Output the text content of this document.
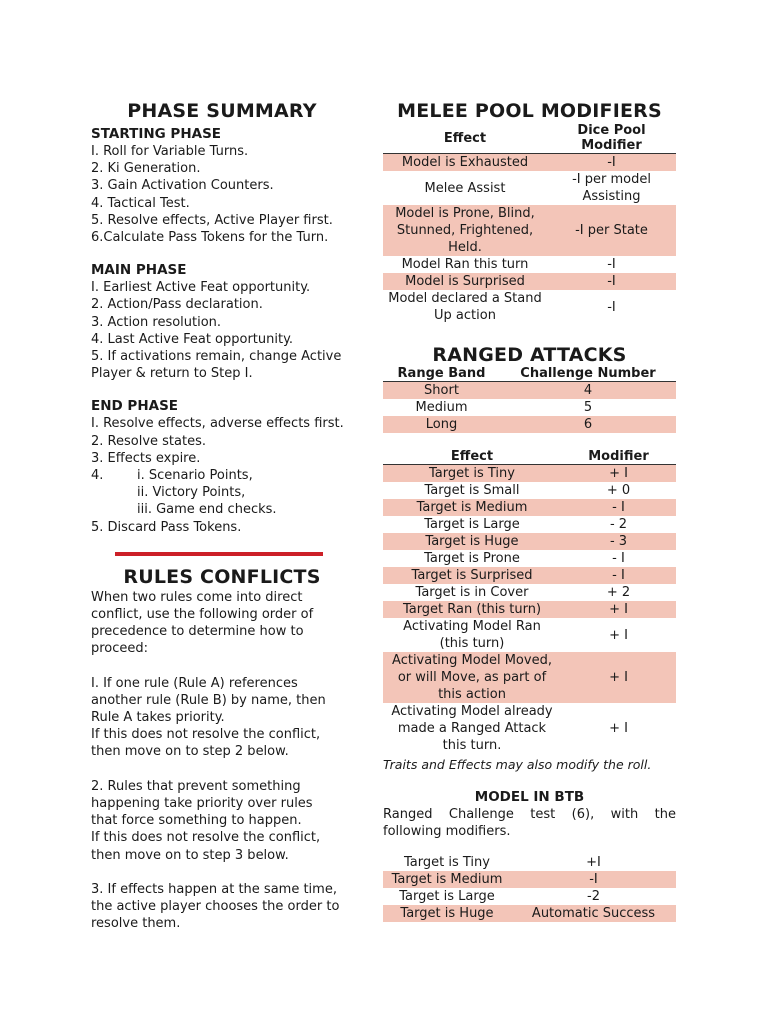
PHASE SUMMARY
STARTING PHASE
I. Roll for Variable Turns.
2. Ki Generation.
3. Gain Activation Counters.
4. Tactical Test.
5. Resolve effects, Active Player first.
6.Calculate Pass Tokens for the Turn.
MAIN PHASE
I. Earliest Active Feat opportunity.
2. Action/Pass declaration.
3. Action resolution.
4. Last Active Feat opportunity.
5. If activations remain, change Active
Player & return to Step I.
END PHASE
I. Resolve effects, adverse effects first.
2. Resolve states.
3. Effects expire.
4.	i. Scenario Points,
ii. Victory Points,
iii. Game end checks.
5. Discard Pass Tokens.
RULES CONFLICTS
When two rules come into direct
conflict, use the following order of
precedence to determine how to
proceed:
I. If one rule (Rule A) references
another rule (Rule B) by name, then
Rule A takes priority.
If this does not resolve the conflict,
then move on to step 2 below.
2. Rules that prevent something
happening take priority over rules
that force something to happen.
If this does not resolve the conflict,
then move on to step 3 below.
3. If effects happen at the same time,
the active player chooses the order to
resolve them.
MELEE POOL MODIFIERS
Effect	Dice Pool Modifier

Model is Exhausted	-I

Melee Assist	-I per model
Assisting

Model is Prone, Blind,
Stunned, Frightened,
Held.	-I per State

Model Ran this turn	-I

Model is Surprised	-I

Model declared a Stand
Up action	-I
RANGED ATTACKS
Range Band	Challenge Number
Short	4
Medium	5
Long	6
Effect	Modifier

Target is Tiny	+ I

Target is Small	+ 0

Target is Medium	- I

Target is Large	- 2

Target is Huge	- 3

Target is Prone	- I

Target is Surprised	- I

Target is in Cover	+ 2

Target Ran (this turn)	+ I

Activating Model Ran
(this turn)	+ I

Activating Model Moved,
or will Move, as part of
this action	+ I

Activating Model already
made a Ranged Attack
this turn.	+ I
Traits and Effects may also modify the roll.
MODEL IN BTB
Ranged Challenge test (6), with the following modifiers.
Target is Tiny	+I
Target is Medium	-I
Target is Large	-2
Target is Huge	Automatic Success
